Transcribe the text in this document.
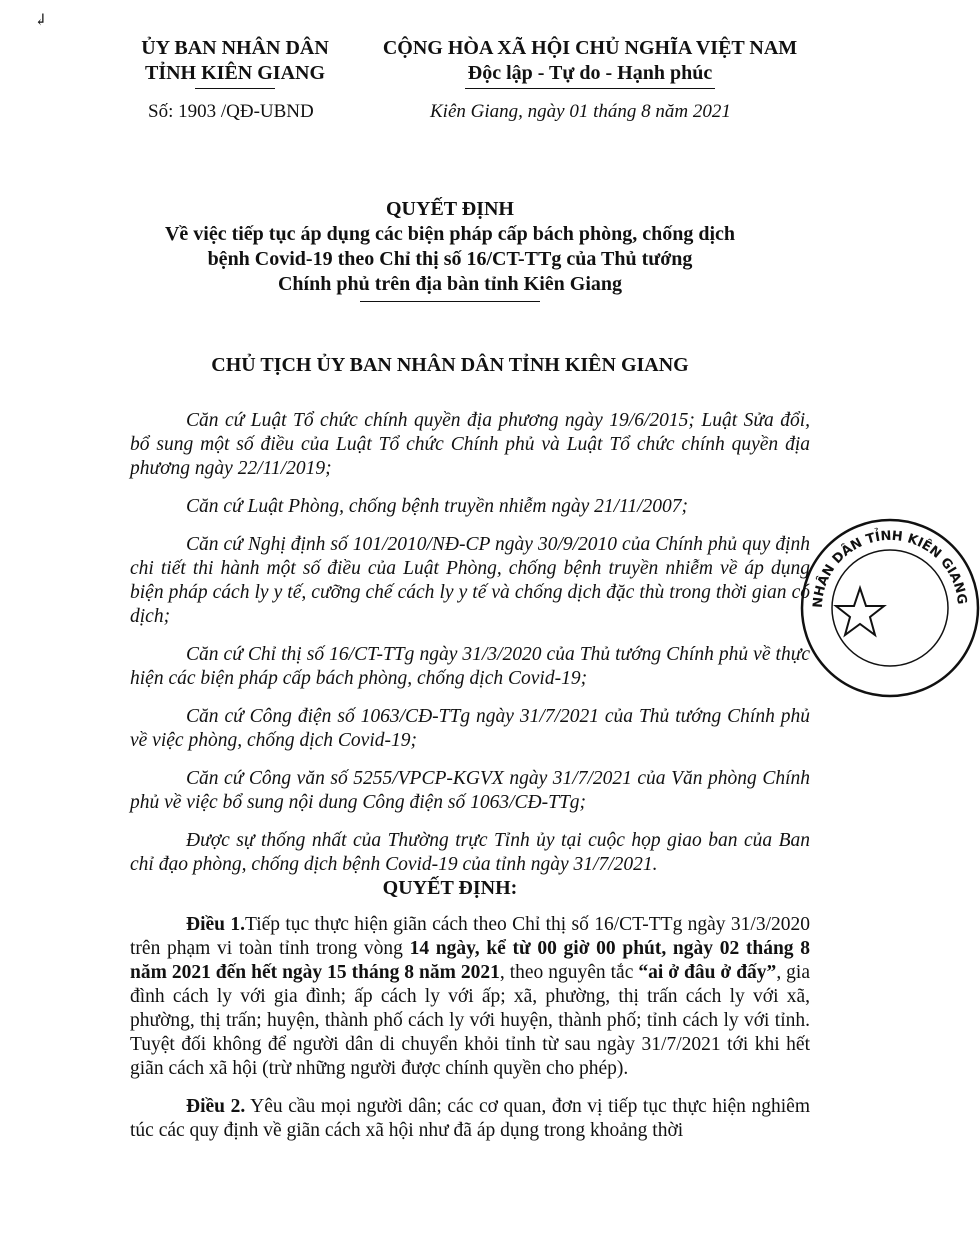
↲
ỦY BAN NHÂN DÂN
TỈNH KIÊN GIANG
CỘNG HÒA XÃ HỘI CHỦ NGHĨA VIỆT NAM
Độc lập - Tự do - Hạnh phúc
Số: 1903 /QĐ-UBND	Kiên Giang, ngày 01 tháng 8 năm 2021
QUYẾT ĐỊNH
Về việc tiếp tục áp dụng các biện pháp cấp bách phòng, chống dịch
bệnh Covid-19 theo Chỉ thị số 16/CT-TTg của Thủ tướng
Chính phủ trên địa bàn tỉnh Kiên Giang
CHỦ TỊCH ỦY BAN NHÂN DÂN TỈNH KIÊN GIANG

Căn cứ Luật Tổ chức chính quyền địa phương ngày 19/6/2015; Luật Sửa đổi, bổ sung một số điều của Luật Tổ chức Chính phủ và Luật Tổ chức chính quyền địa phương ngày 22/11/2019;

Căn cứ Luật Phòng, chống bệnh truyền nhiễm ngày 21/11/2007;

Căn cứ Nghị định số 101/2010/NĐ-CP ngày 30/9/2010 của Chính phủ quy định chi tiết thi hành một số điều của Luật Phòng, chống bệnh truyền nhiễm về áp dụng biện pháp cách ly y tế, cưỡng chế cách ly y tế và chống dịch đặc thù trong thời gian có dịch;

Căn cứ Chỉ thị số 16/CT-TTg ngày 31/3/2020 của Thủ tướng Chính phủ về thực hiện các biện pháp cấp bách phòng, chống dịch Covid-19;

Căn cứ Công điện số 1063/CĐ-TTg ngày 31/7/2021 của Thủ tướng Chính phủ về việc phòng, chống dịch Covid-19;

Căn cứ Công văn số 5255/VPCP-KGVX ngày 31/7/2021 của Văn phòng Chính phủ về việc bổ sung nội dung Công điện số 1063/CĐ-TTg;

Được sự thống nhất của Thường trực Tỉnh ủy tại cuộc họp giao ban của Ban chỉ đạo phòng, chống dịch bệnh Covid-19 của tỉnh ngày 31/7/2021.

QUYẾT ĐỊNH:

Điều 1.Tiếp tục thực hiện giãn cách theo Chỉ thị số 16/CT-TTg ngày 31/3/2020 trên phạm vi toàn tỉnh trong vòng 14 ngày, kể từ 00 giờ 00 phút, ngày 02 tháng 8 năm 2021 đến hết ngày 15 tháng 8 năm 2021, theo nguyên tắc “ai ở đâu ở đấy”, gia đình cách ly với gia đình; ấp cách ly với ấp; xã, phường, thị trấn cách ly với xã, phường, thị trấn; huyện, thành phố cách ly với huyện, thành phố; tỉnh cách ly với tỉnh. Tuyệt đối không để người dân di chuyển khỏi tỉnh từ sau ngày 31/7/2021 tới khi hết giãn cách xã hội (trừ những người được chính quyền cho phép).

Điều 2. Yêu cầu mọi người dân; các cơ quan, đơn vị tiếp tục thực hiện nghiêm túc các quy định về giãn cách xã hội như đã áp dụng trong khoảng thời

NHÂN DÂN TỈNH KIÊN GIANG
